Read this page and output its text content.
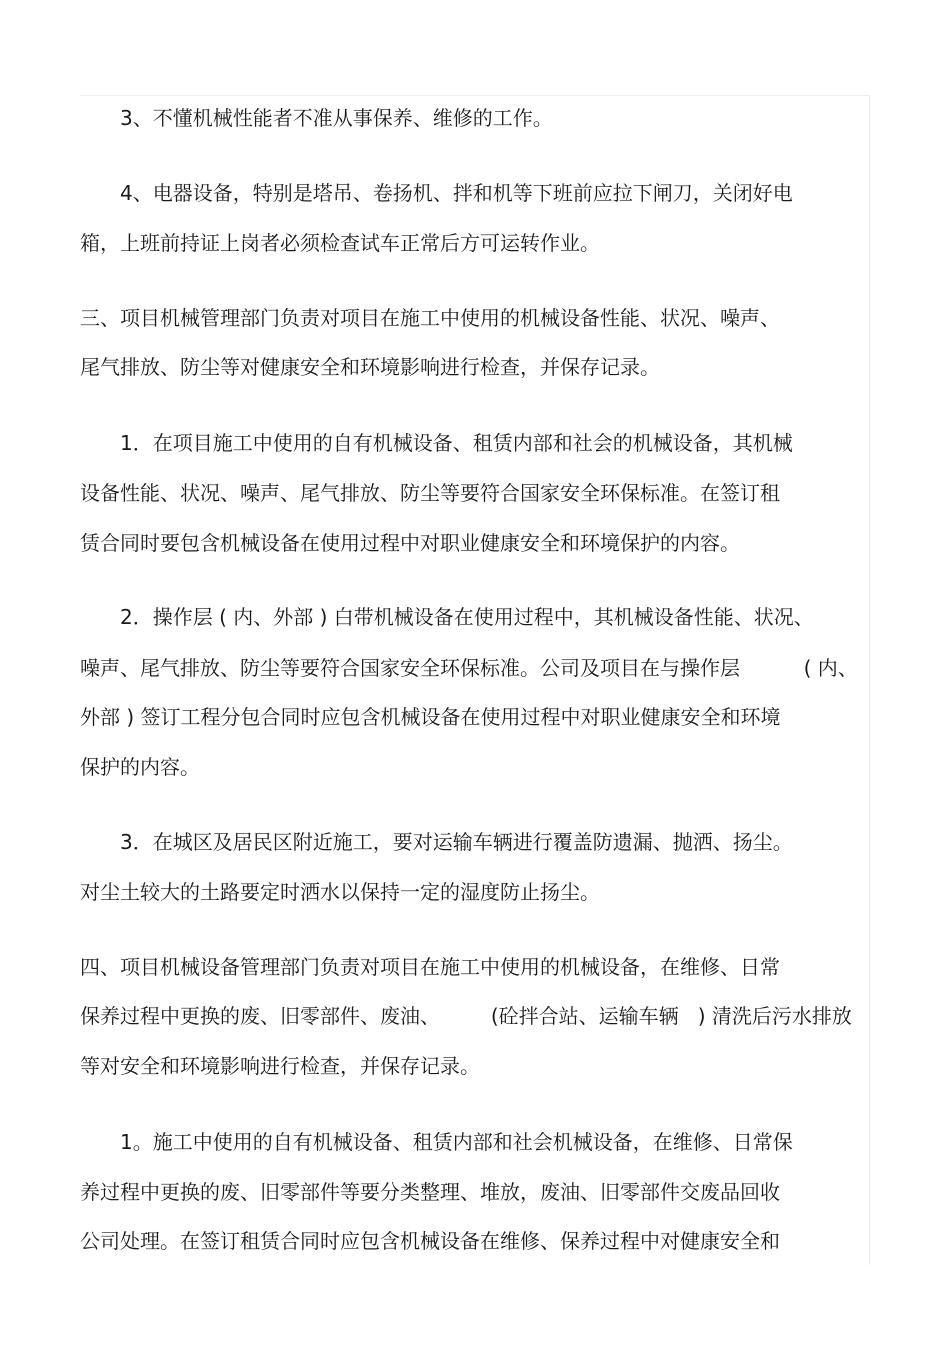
3、不懂机械性能者不准从事保养、维修的工作。
4、电器设备，特别是塔吊、卷扬机、拌和机等下班前应拉下闸刀，关闭好电
箱，上班前持证上岗者必须检查试车正常后方可运转作业。
三、项目机械管理部门负责对项目在施工中使用的机械设备性能、状况、噪声、
尾气排放、防尘等对健康安全和环境影响进行检查，并保存记录。
1．在项目施工中使用的自有机械设备、租赁内部和社会的机械设备，其机械
设备性能、状况、噪声、尾气排放、防尘等要符合国家安全环保标准。在签订租
赁合同时要包含机械设备在使用过程中对职业健康安全和环境保护的内容。
2．操作层 ( 内、外部 ) 白带机械设备在使用过程中，其机械设备性能、状况、
噪声、尾气排放、防尘等要符合国家安全环保标准。公司及项目在与操作层          ( 内、
外部 ) 签订工程分包合同时应包含机械设备在使用过程中对职业健康安全和环境
保护的内容。
3．在城区及居民区附近施工，要对运输车辆进行覆盖防遗漏、抛洒、扬尘。
对尘土较大的土路要定时洒水以保持一定的湿度防止扬尘。
四、项目机械设备管理部门负责对项目在施工中使用的机械设备，在维修、日常
保养过程中更换的废、旧零部件、废油、        (砼拌合站、运输车辆   ) 清洗后污水排放
等对安全和环境影响进行检查，并保存记录。
1。施工中使用的自有机械设备、租赁内部和社会机械设备，在维修、日常保
养过程中更换的废、旧零部件等要分类整理、堆放，废油、旧零部件交废品回收
公司处理。在签订租赁合同时应包含机械设备在维修、保养过程中对健康安全和
